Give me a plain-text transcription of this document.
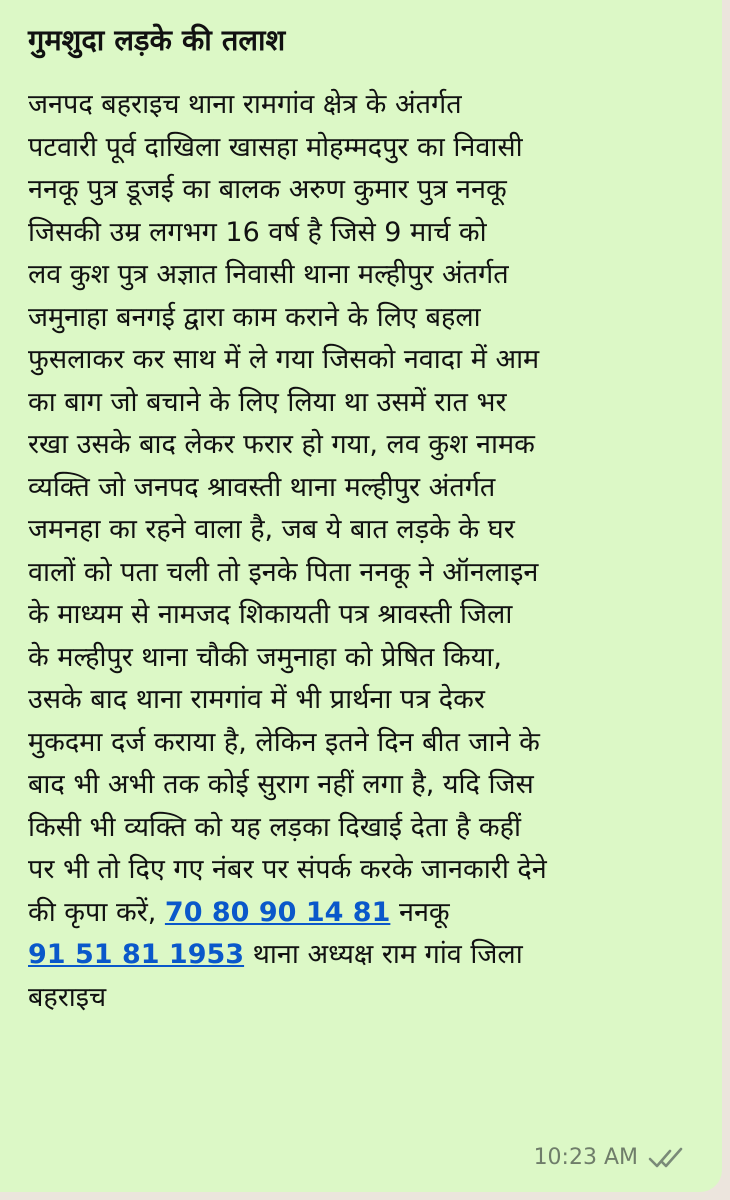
गुमशुदा लड़के की तलाश
जनपद बहराइच थाना रामगांव क्षेत्र के अंतर्गत
पटवारी पूर्व दाखिला खासहा मोहम्मदपुर का निवासी
ननकू पुत्र डूजई का बालक अरुण कुमार पुत्र ननकू
जिसकी उम्र लगभग 16 वर्ष है जिसे 9 मार्च को
लव कुश पुत्र अज्ञात निवासी थाना मल्हीपुर अंतर्गत
जमुनाहा बनगई द्वारा काम कराने के लिए बहला
फुसलाकर कर साथ में ले गया जिसको नवादा में आम
का बाग जो बचाने के लिए लिया था उसमें रात भर
रखा उसके बाद लेकर फरार हो गया, लव कुश नामक
व्यक्ति जो जनपद श्रावस्ती थाना मल्हीपुर अंतर्गत
जमनहा का रहने वाला है, जब ये बात लड़के के घर
वालों को पता चली तो इनके पिता ननकू ने ऑनलाइन
के माध्यम से नामजद शिकायती पत्र श्रावस्ती जिला
के मल्हीपुर थाना चौकी जमुनाहा को प्रेषित किया,
उसके बाद थाना रामगांव में भी प्रार्थना पत्र देकर
मुकदमा दर्ज कराया है, लेकिन इतने दिन बीत जाने के
बाद भी अभी तक कोई सुराग नहीं लगा है, यदि जिस
किसी भी व्यक्ति को यह लड़का दिखाई देता है कहीं
पर भी तो दिए गए नंबर पर संपर्क करके जानकारी देने
की कृपा करें, 70 80 90 14 81 ननकू
91 51 81 1953 थाना अध्यक्ष राम गांव जिला
बहराइच
10:23 AM
